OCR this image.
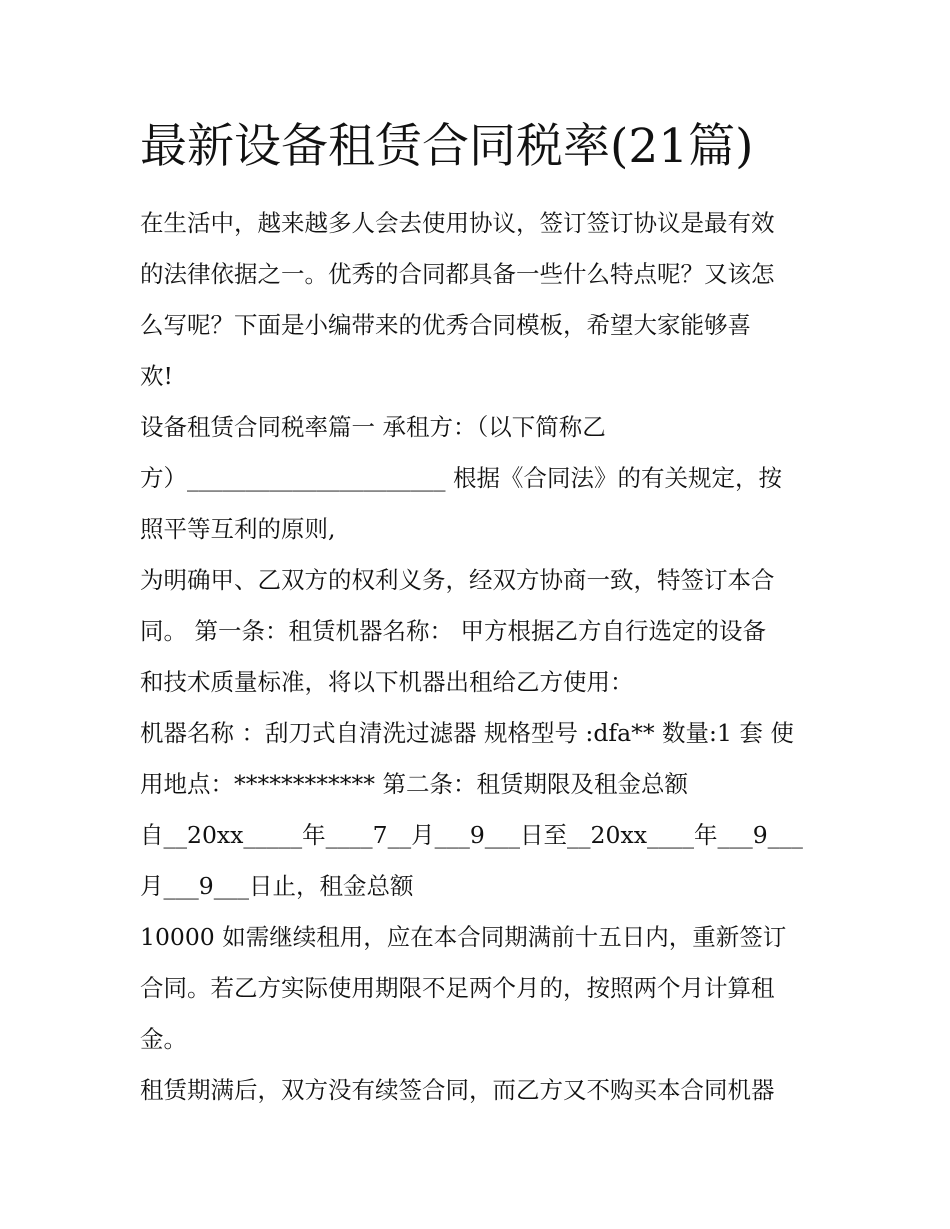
最新设备租赁合同税率(21篇)
在生活中，越来越多人会去使用协议，签订签订协议是最有效
的法律依据之一。优秀的合同都具备一些什么特点呢？又该怎
么写呢？下面是小编带来的优秀合同模板，希望大家能够喜
欢!
设备租赁合同税率篇一 承租方：（以下简称乙
方）______________________ 根据《合同法》的有关规定，按
照平等互利的原则,
为明确甲、乙双方的权利义务，经双方协商一致，特签订本合
同。 第一条：租赁机器名称： 甲方根据乙方自行选定的设备
和技术质量标准，将以下机器出租给乙方使用：
机器名称 ：刮刀式自清洗过滤器 规格型号 :dfa** 数量:1 套 使
用地点：************ 第二条：租赁期限及租金总额
自__20xx_____年____7__月___9___日至__20xx____年___9___
月___9___日止，租金总额
10000 如需继续租用，应在本合同期满前十五日内，重新签订
合同。若乙方实际使用期限不足两个月的，按照两个月计算租
金。
租赁期满后，双方没有续签合同，而乙方又不购买本合同机器
